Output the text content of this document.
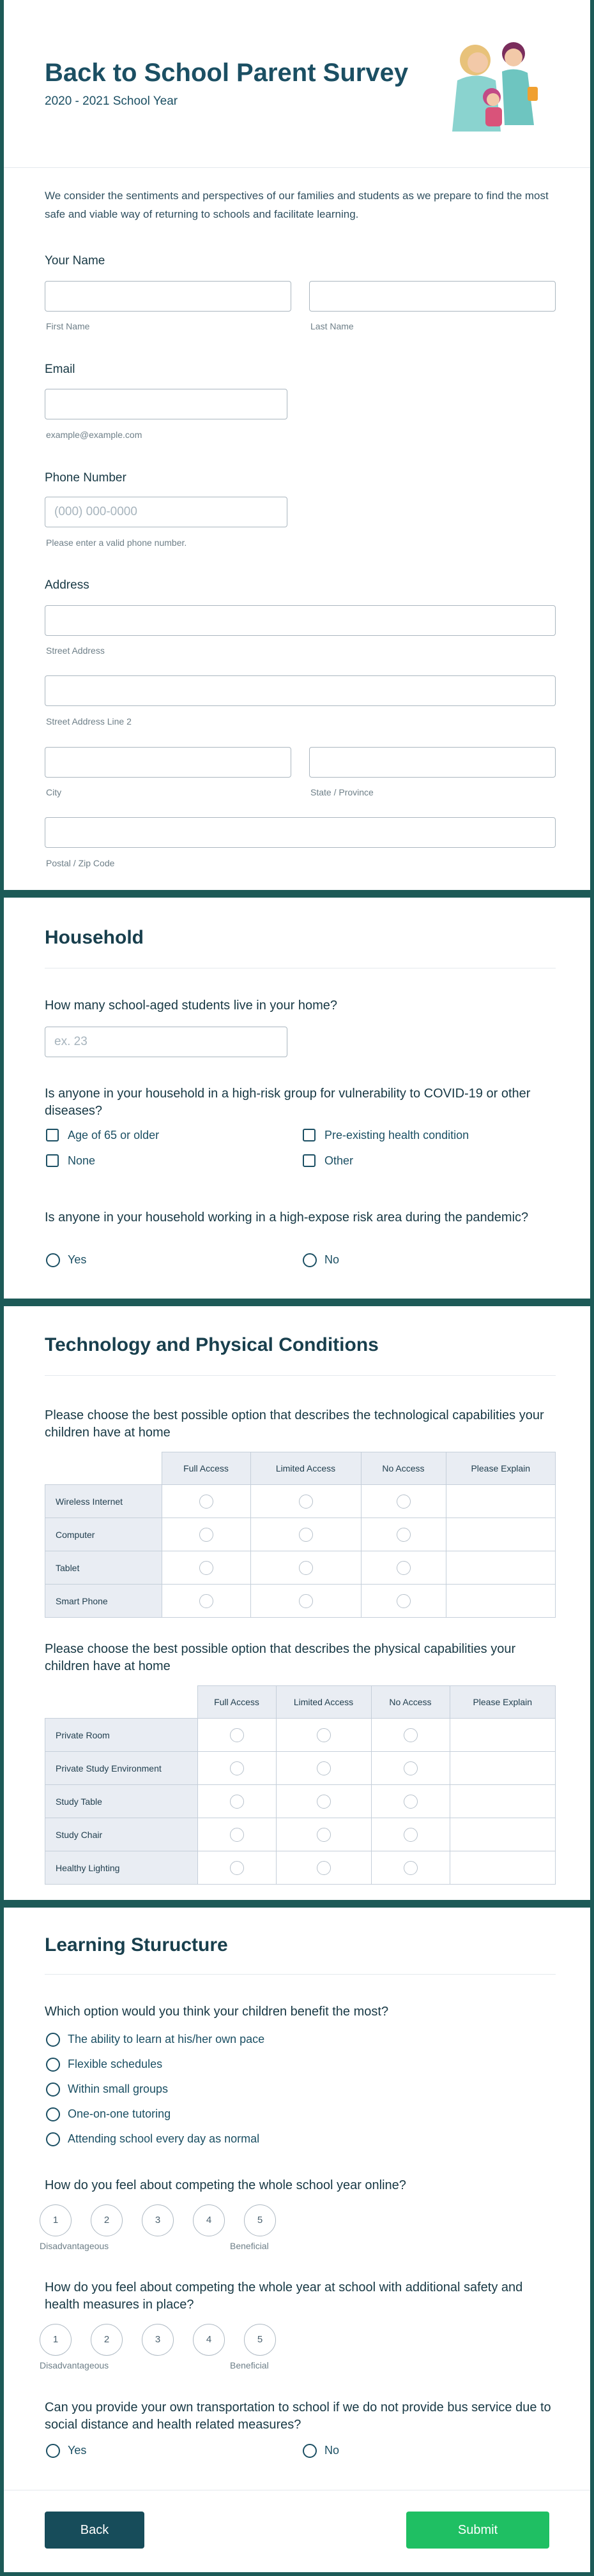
Back to School Parent Survey
2020 - 2021 School Year
We consider the sentiments and perspectives of our families and students as we prepare to find the most safe and viable way of returning to schools and facilitate learning.
Your Name
First Name	Last Name
Email
example@example.com
Phone Number
(000) 000-0000
Please enter a valid phone number.
Address
Street Address
Street Address Line 2
City	State / Province
Postal / Zip Code
Household
How many school-aged students live in your home?
ex. 23
Is anyone in your household in a high-risk group for vulnerability to COVID-19 or other diseases?
Age of 65 or older	Pre-existing health condition
None	Other
Is anyone in your household working in a high-expose risk area during the pandemic?
Yes	No
Technology and Physical Conditions
Please choose the best possible option that describes the technological capabilities your children have at home
	Full Access	Limited Access	No Access	Please Explain
Wireless Internet				
Computer				
Tablet				
Smart Phone				
Please choose the best possible option that describes the physical capabilities your children have at home
	Full Access	Limited Access	No Access	Please Explain
Private Room				
Private Study Environment				
Study Table				
Study Chair				
Healthy Lighting				
Learning Sturucture
Which option would you think your children benefit the most?
The ability to learn at his/her own pace
Flexible schedules
Within small groups
One-on-one tutoring
Attending school every day as normal
How do you feel about competing the whole school year online?
1	2	3	4	5
Disadvantageous	Beneficial
How do you feel about competing the whole year at school with additional safety and health measures in place?
1	2	3	4	5
Disadvantageous	Beneficial
Can you provide your own transportation to school if we do not provide bus service due to social distance and health related measures?
Yes	No
Back	Submit
